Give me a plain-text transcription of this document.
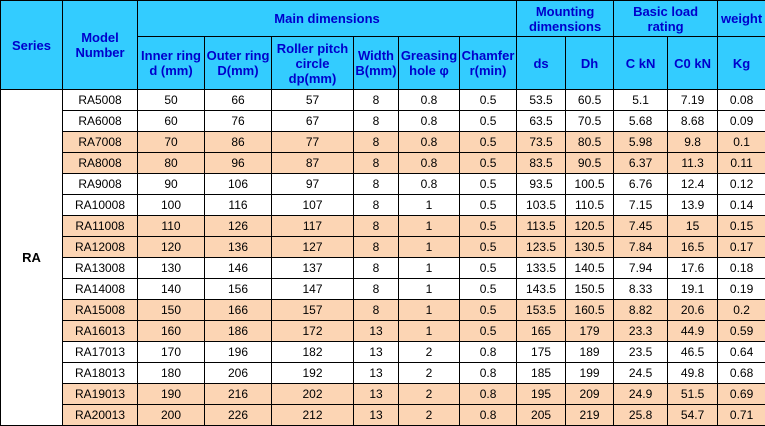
Series	Model Number	Main dimensions						Mounting dimensions		Basic load rating		weight
		Inner ring d (mm)	Outer ring D(mm)	Roller pitch circle dp(mm)	Width B(mm)	Greasing hole φ	Chamfer r(min)	ds	Dh	C kN	C0 kN	Kg
RA	RA5008	50	66	57	8	0.8	0.5	53.5	60.5	5.1	7.19	0.08
	RA6008	60	76	67	8	0.8	0.5	63.5	70.5	5.68	8.68	0.09
	RA7008	70	86	77	8	0.8	0.5	73.5	80.5	5.98	9.8	0.1
	RA8008	80	96	87	8	0.8	0.5	83.5	90.5	6.37	11.3	0.11
	RA9008	90	106	97	8	0.8	0.5	93.5	100.5	6.76	12.4	0.12
	RA10008	100	116	107	8	1	0.5	103.5	110.5	7.15	13.9	0.14
	RA11008	110	126	117	8	1	0.5	113.5	120.5	7.45	15	0.15
	RA12008	120	136	127	8	1	0.5	123.5	130.5	7.84	16.5	0.17
	RA13008	130	146	137	8	1	0.5	133.5	140.5	7.94	17.6	0.18
	RA14008	140	156	147	8	1	0.5	143.5	150.5	8.33	19.1	0.19
	RA15008	150	166	157	8	1	0.5	153.5	160.5	8.82	20.6	0.2
	RA16013	160	186	172	13	1	0.5	165	179	23.3	44.9	0.59
	RA17013	170	196	182	13	2	0.8	175	189	23.5	46.5	0.64
	RA18013	180	206	192	13	2	0.8	185	199	24.5	49.8	0.68
	RA19013	190	216	202	13	2	0.8	195	209	24.9	51.5	0.69
	RA20013	200	226	212	13	2	0.8	205	219	25.8	54.7	0.71
